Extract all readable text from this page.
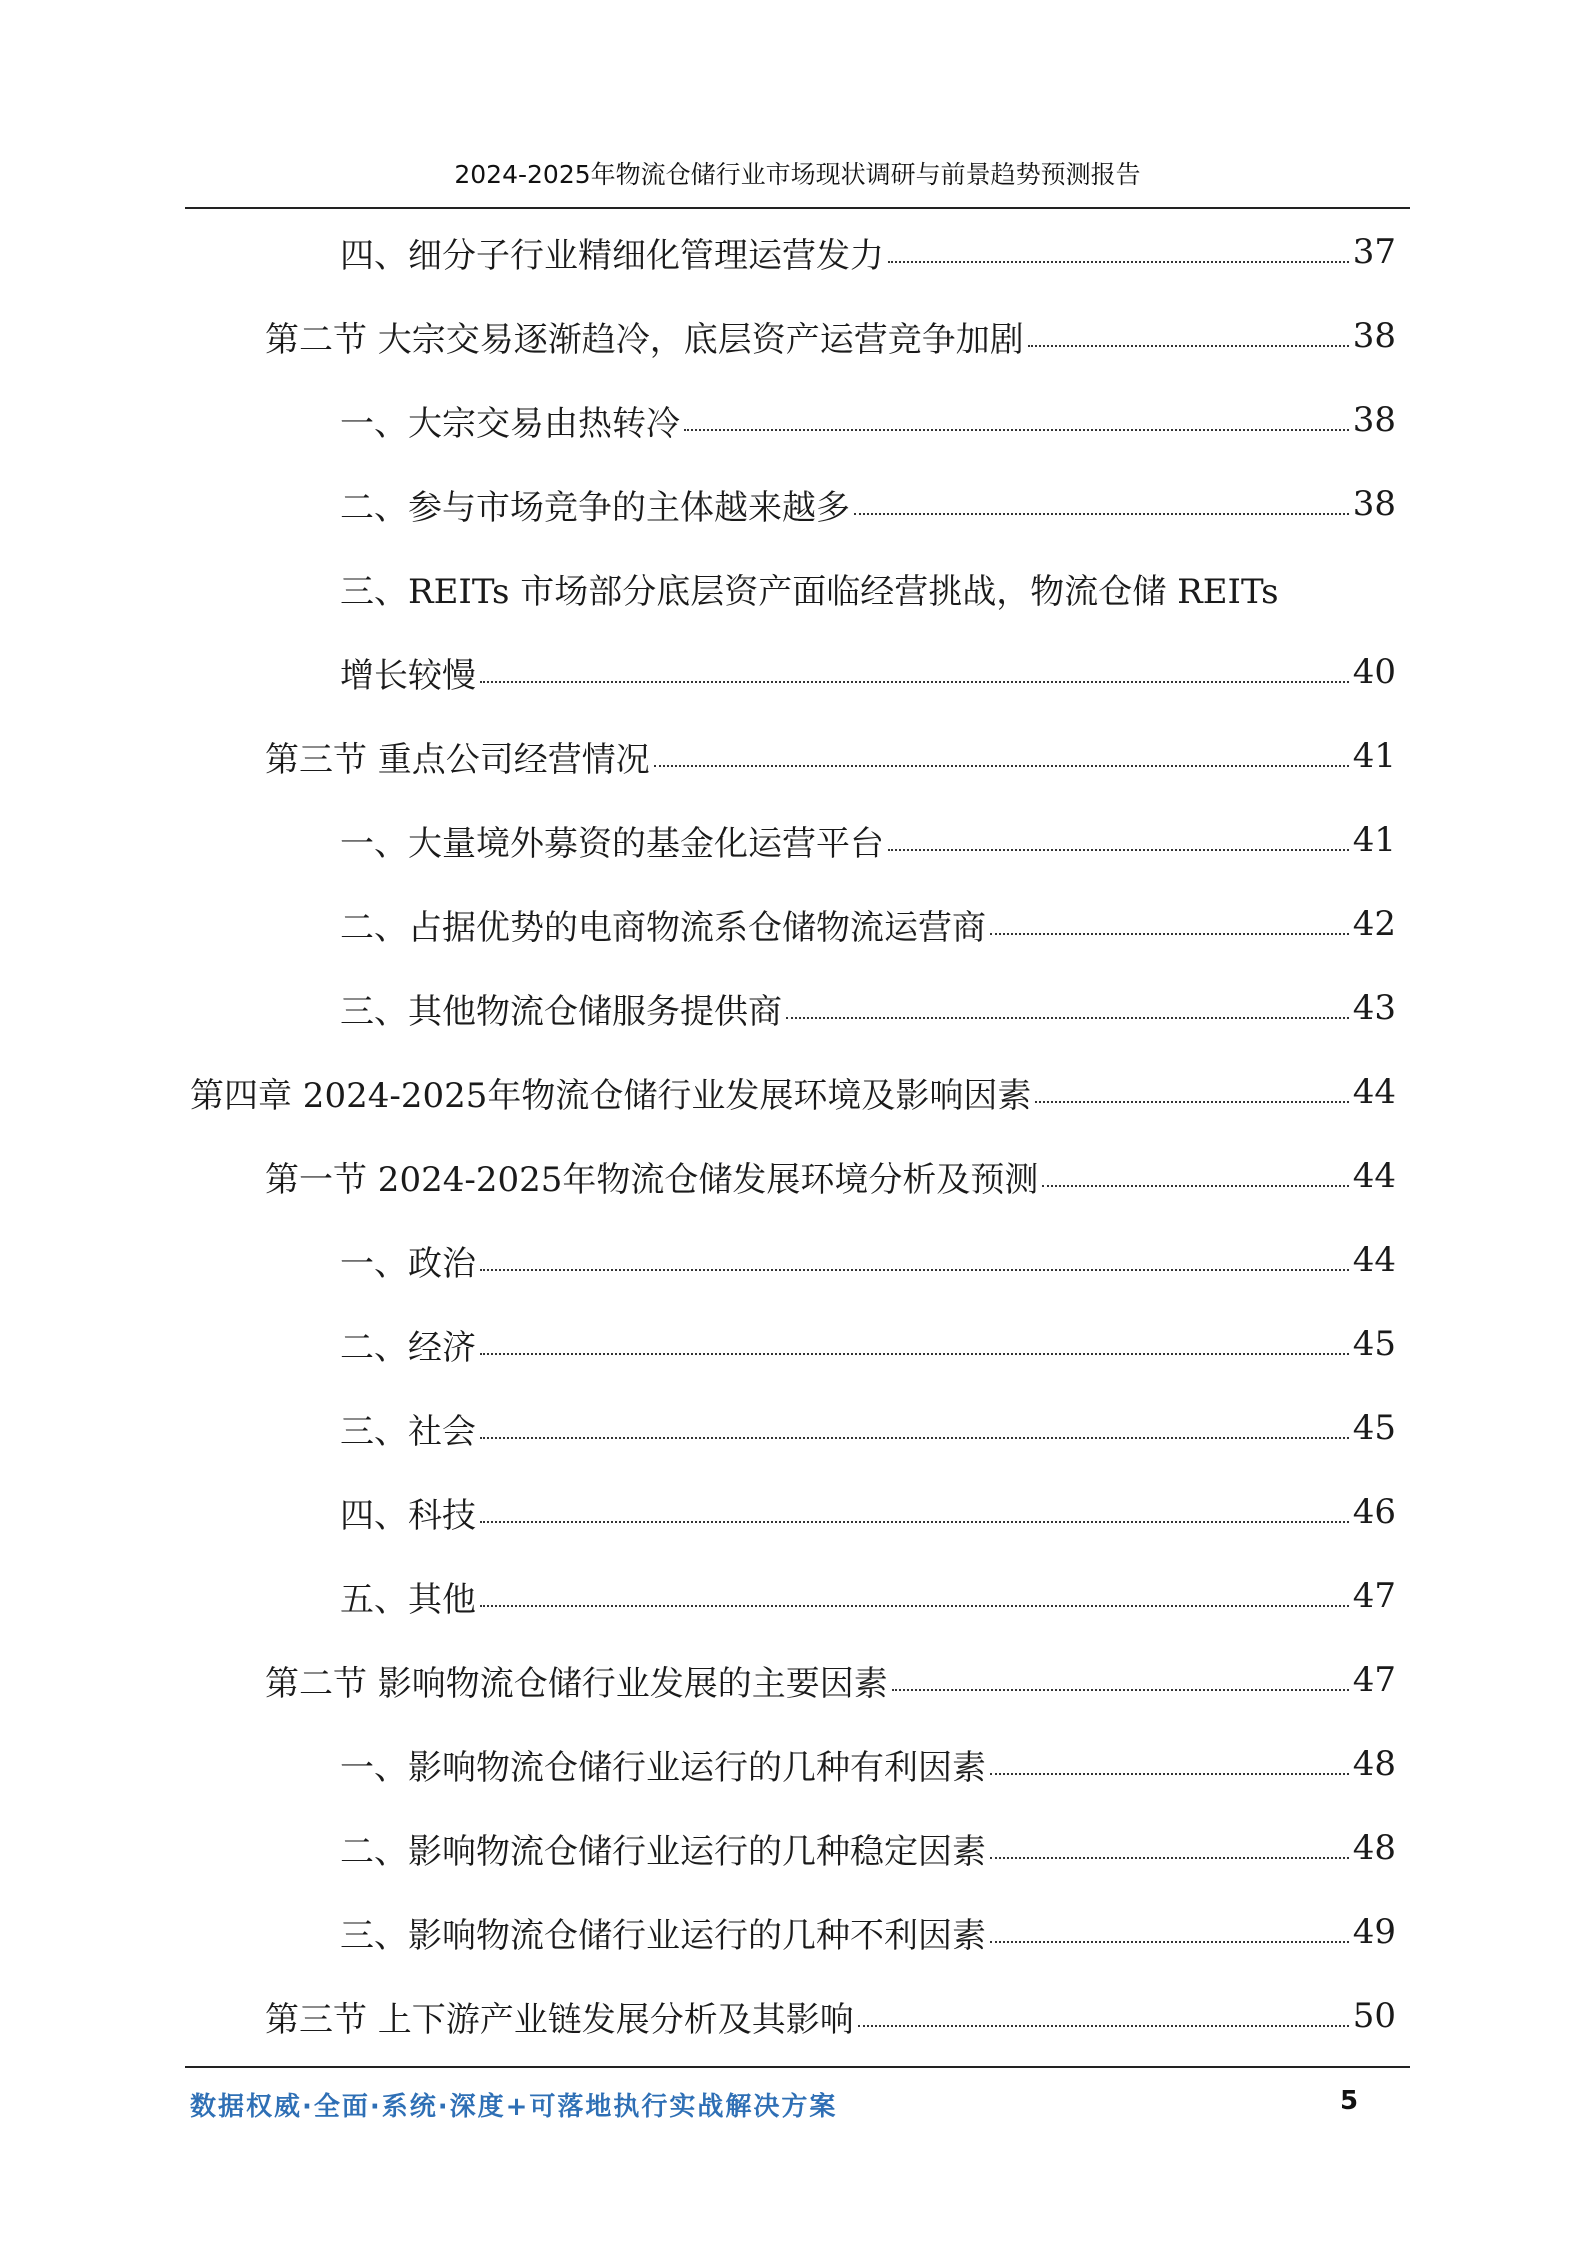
2024-2025年物流仓储行业市场现状调研与前景趋势预测报告
四、细分子行业精细化管理运营发力	37
第二节 大宗交易逐渐趋冷，底层资产运营竞争加剧	38
一、大宗交易由热转冷	38
二、参与市场竞争的主体越来越多	38
三、REITs 市场部分底层资产面临经营挑战，物流仓储 REITs
增长较慢	40
第三节 重点公司经营情况	41
一、大量境外募资的基金化运营平台	41
二、占据优势的电商物流系仓储物流运营商	42
三、其他物流仓储服务提供商	43
第四章 2024-2025年物流仓储行业发展环境及影响因素	44
第一节 2024-2025年物流仓储发展环境分析及预测	44
一、政治	44
二、经济	45
三、社会	45
四、科技	46
五、其他	47
第二节 影响物流仓储行业发展的主要因素	47
一、影响物流仓储行业运行的几种有利因素	48
二、影响物流仓储行业运行的几种稳定因素	48
三、影响物流仓储行业运行的几种不利因素	49
第三节 上下游产业链发展分析及其影响	50
数据权威·全面·系统·深度+可落地执行实战解决方案	5
